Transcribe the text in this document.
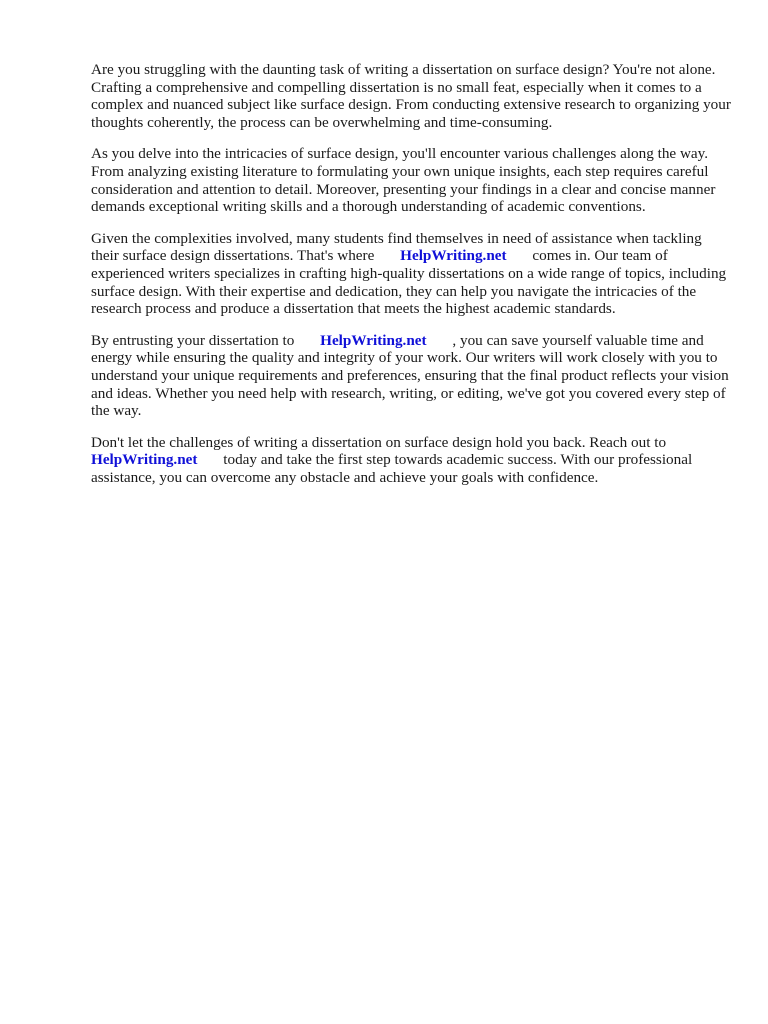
Are you struggling with the daunting task of writing a dissertation on surface design? You're not alone. Crafting a comprehensive and compelling dissertation is no small feat, especially when it comes to a complex and nuanced subject like surface design. From conducting extensive research to organizing your thoughts coherently, the process can be overwhelming and time-consuming.

As you delve into the intricacies of surface design, you'll encounter various challenges along the way. From analyzing existing literature to formulating your own unique insights, each step requires careful consideration and attention to detail. Moreover, presenting your findings in a clear and concise manner demands exceptional writing skills and a thorough understanding of academic conventions.

Given the complexities involved, many students find themselves in need of assistance when tackling their surface design dissertations. That's where HelpWriting.net comes in. Our team of experienced writers specializes in crafting high-quality dissertations on a wide range of topics, including surface design. With their expertise and dedication, they can help you navigate the intricacies of the research process and produce a dissertation that meets the highest academic standards.

By entrusting your dissertation to HelpWriting.net , you can save yourself valuable time and energy while ensuring the quality and integrity of your work. Our writers will work closely with you to understand your unique requirements and preferences, ensuring that the final product reflects your vision and ideas. Whether you need help with research, writing, or editing, we've got you covered every step of the way.

Don't let the challenges of writing a dissertation on surface design hold you back. Reach out to HelpWriting.net today and take the first step towards academic success. With our professional assistance, you can overcome any obstacle and achieve your goals with confidence.
